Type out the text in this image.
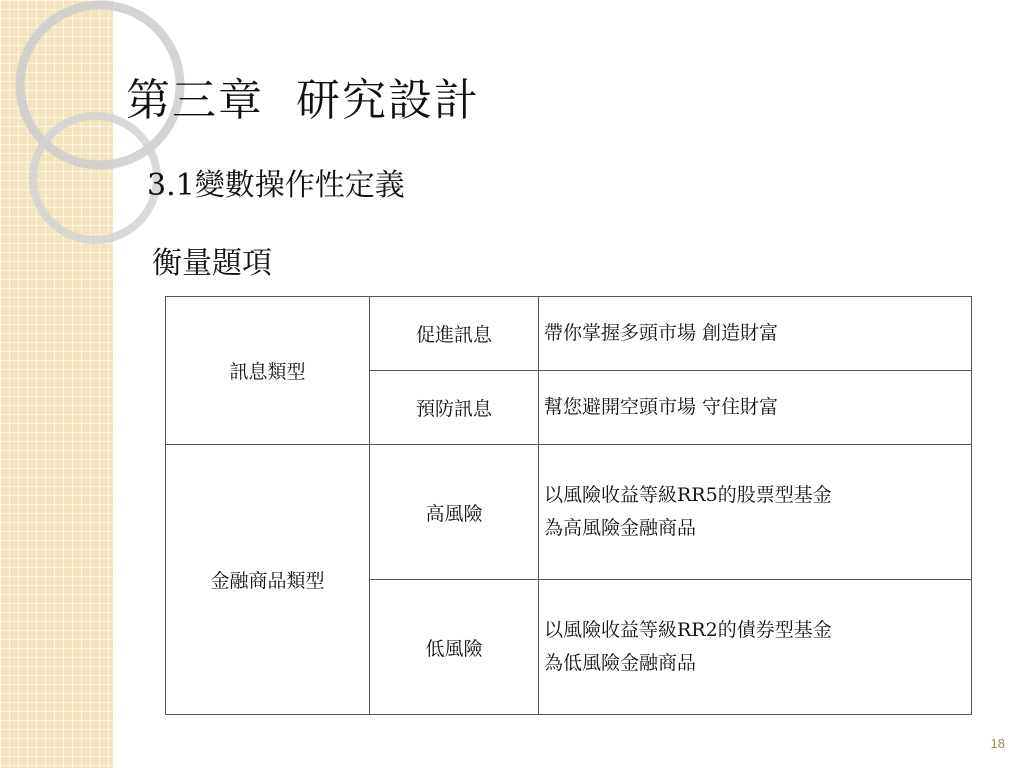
第三章  研究設計
3.1變數操作性定義
衡量題項
訊息類型	促進訊息	帶你掌握多頭市場 創造財富
	預防訊息	幫您避開空頭市場 守住財富
金融商品類型	高風險	以風險收益等級RR5的股票型基金
為高風險金融商品
	低風險	以風險收益等級RR2的債券型基金
為低風險金融商品
18
